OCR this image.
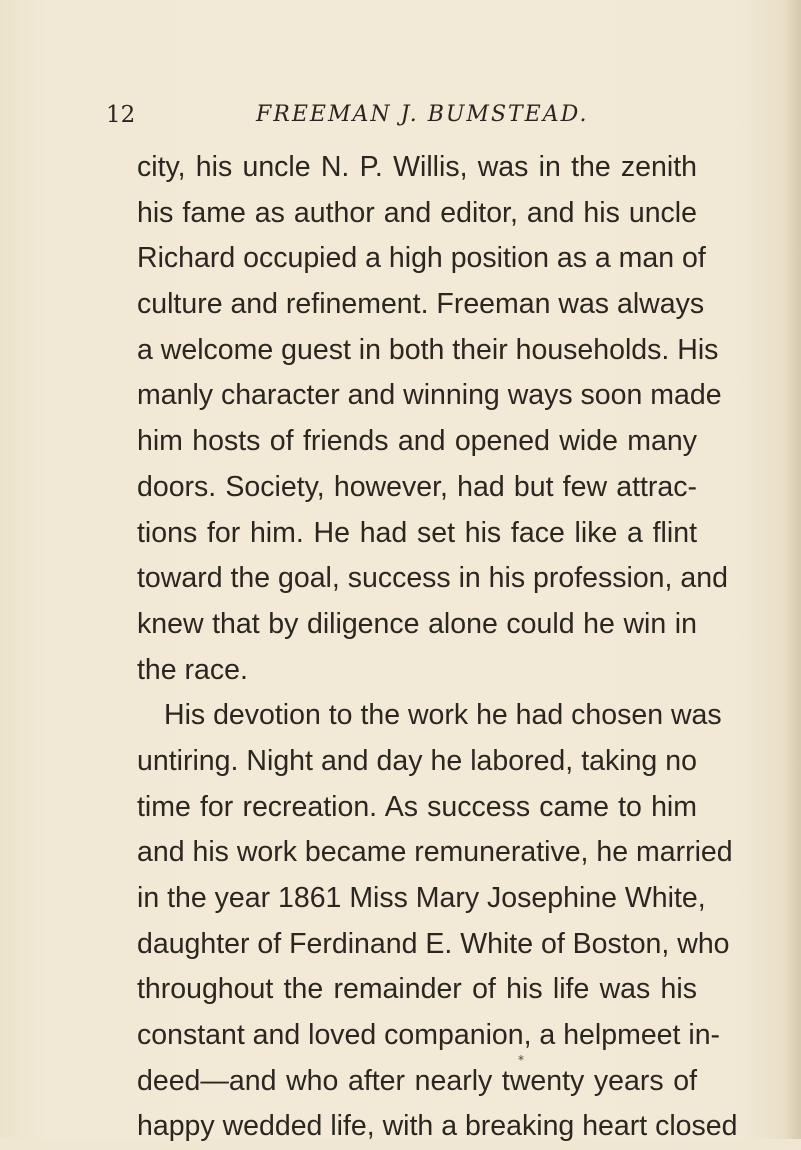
12	FREEMAN J. BUMSTEAD.
city, his uncle N. P. Willis, was in the zenith
his fame as author and editor, and his uncle
Richard occupied a high position as a man of
culture and refinement. Freeman was always
a welcome guest in both their households. His
manly character and winning ways soon made
him hosts of friends and opened wide many
doors. Society, however, had but few attrac-
tions for him. He had set his face like a flint
toward the goal, success in his profession, and
knew that by diligence alone could he win in
the race.
His devotion to the work he had chosen was
untiring. Night and day he labored, taking no
time for recreation. As success came to him
and his work became remunerative, he married
in the year 1861 Miss Mary Josephine White,
daughter of Ferdinand E. White of Boston, who
throughout the remainder of his life was his
constant and loved companion, a helpmeet in-
deed—and who after nearly twenty years of
happy wedded life, with a breaking heart closed
*
